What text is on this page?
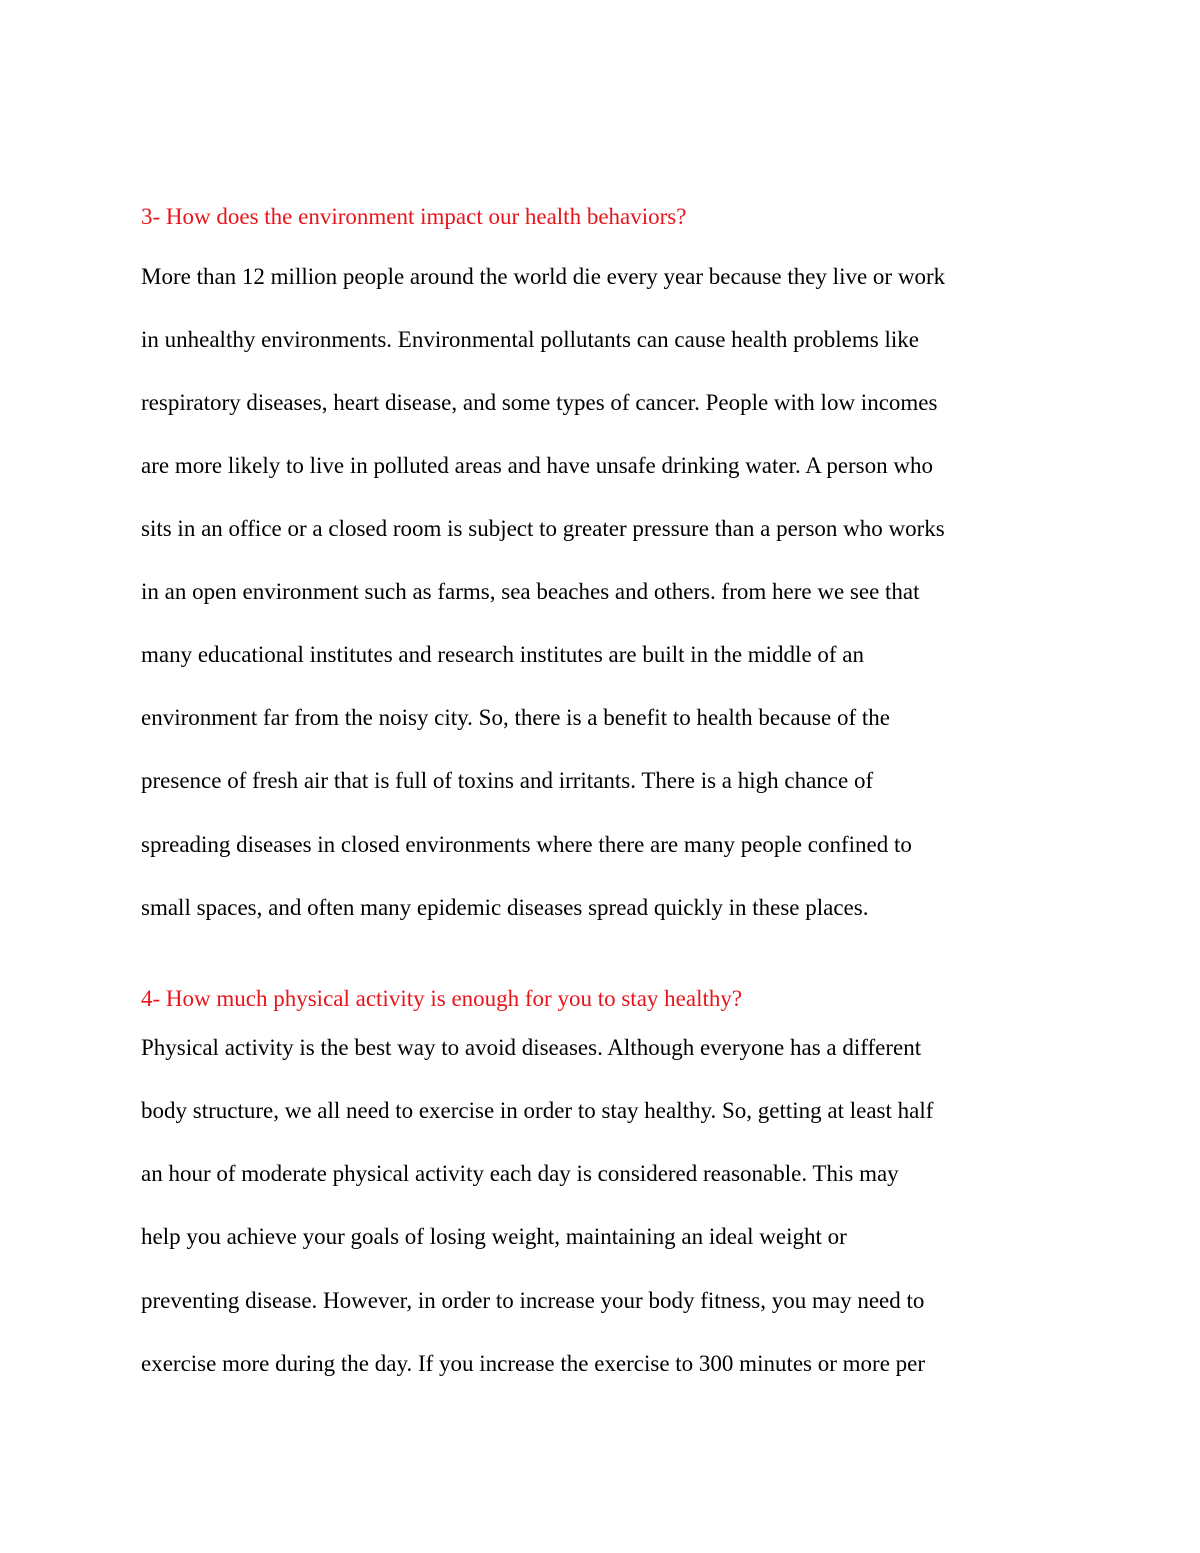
3- How does the environment impact our health behaviors?

More than 12 million people around the world die every year because they live or work

in unhealthy environments. Environmental pollutants can cause health problems like

respiratory diseases, heart disease, and some types of cancer. People with low incomes

are more likely to live in polluted areas and have unsafe drinking water. A person who

sits in an office or a closed room is subject to greater pressure than a person who works

in an open environment such as farms, sea beaches and others. from here we see that

many educational institutes and research institutes are built in the middle of an

environment far from the noisy city. So, there is a benefit to health because of the

presence of fresh air that is full of toxins and irritants. There is a high chance of

spreading diseases in closed environments where there are many people confined to

small spaces, and often many epidemic diseases spread quickly in these places.

4- How much physical activity is enough for you to stay healthy?

Physical activity is the best way to avoid diseases. Although everyone has a different

body structure, we all need to exercise in order to stay healthy. So, getting at least half

an hour of moderate physical activity each day is considered reasonable. This may

help you achieve your goals of losing weight, maintaining an ideal weight or

preventing disease. However, in order to increase your body fitness, you may need to

exercise more during the day. If you increase the exercise to 300 minutes or more per
